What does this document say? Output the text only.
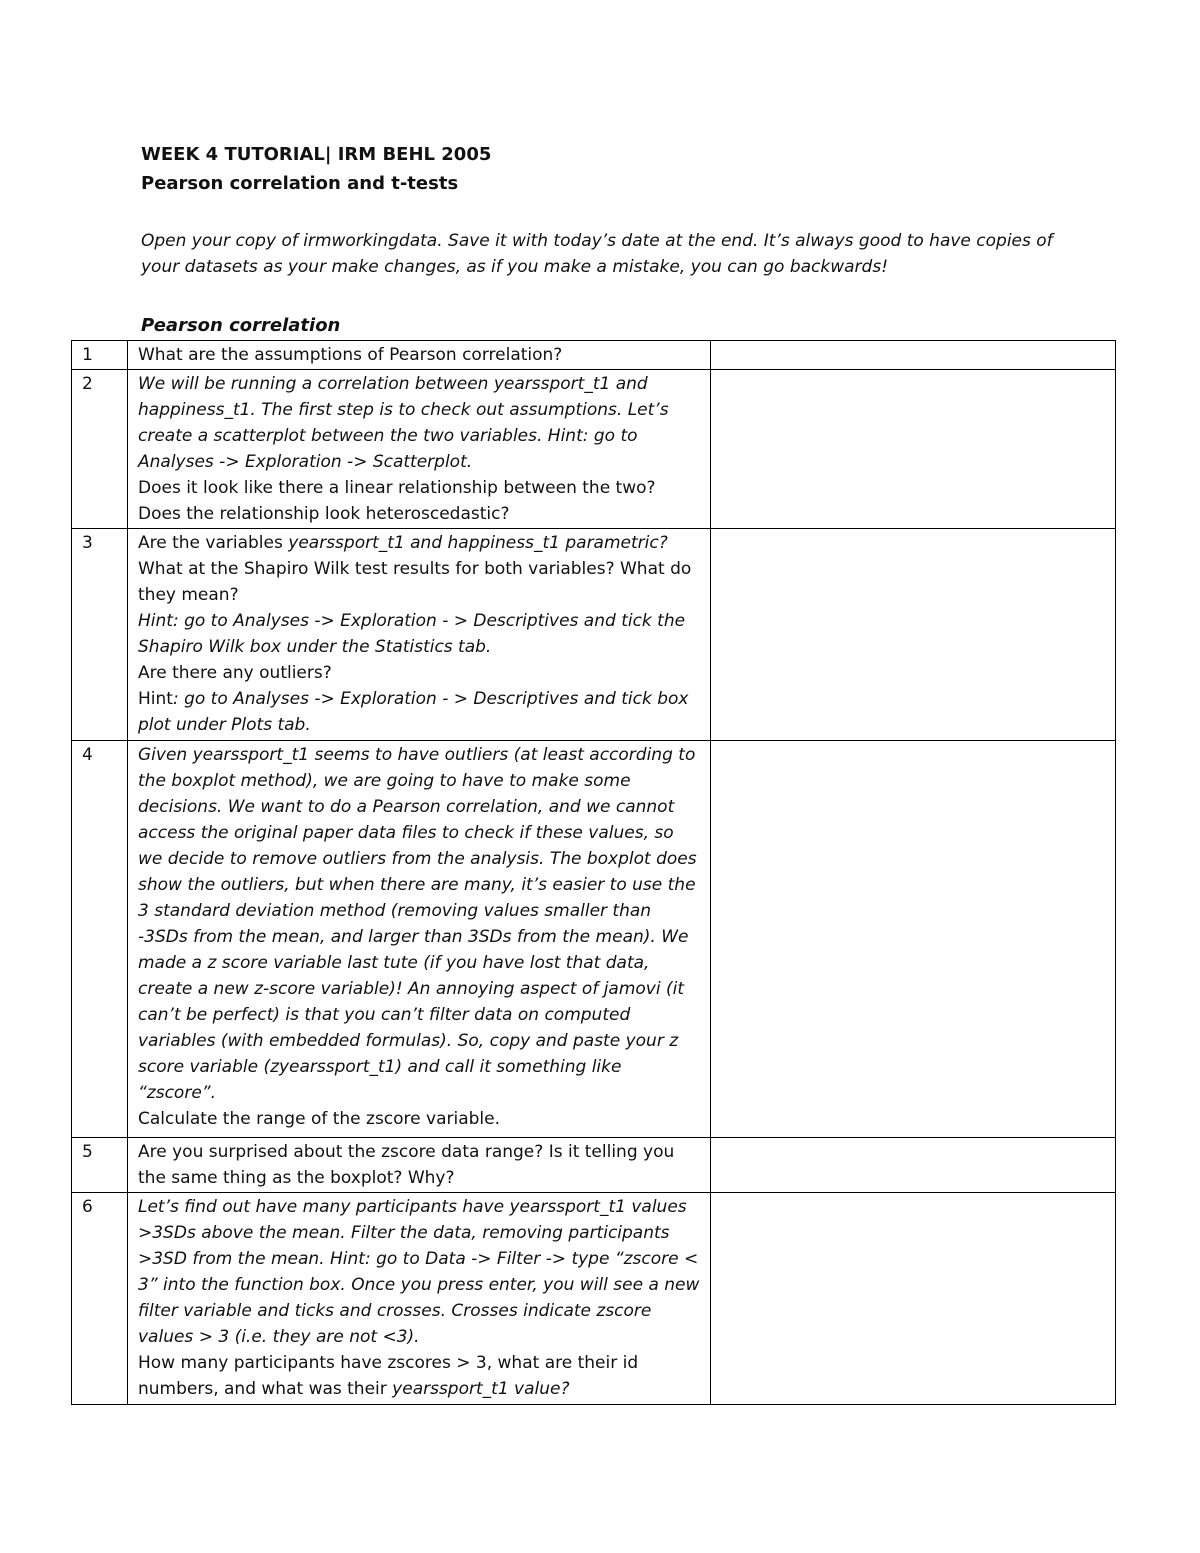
WEEK 4 TUTORIAL| IRM BEHL 2005
Pearson correlation and t-tests
Open your copy of irmworkingdata. Save it with today’s date at the end. It’s always good to have copies of your datasets as your make changes, as if you make a mistake, you can go backwards!
Pearson correlation
1	What are the assumptions of Pearson correlation?	
2	We will be running a correlation between yearssport_t1 and happiness_t1. The first step is to check out assumptions. Let’s create a scatterplot between the two variables. Hint: go to Analyses -> Exploration -> Scatterplot.
Does it look like there a linear relationship between the two?
Does the relationship look heteroscedastic?	

3	Are the variables yearssport_t1 and happiness_t1 parametric?
What at the Shapiro Wilk test results for both variables? What do they mean?
Hint: go to Analyses -> Exploration - > Descriptives and tick the Shapiro Wilk box under the Statistics tab.
Are there any outliers?
Hint: go to Analyses -> Exploration - > Descriptives and tick box plot under Plots tab.	

4	Given yearssport_t1 seems to have outliers (at least according to the boxplot method), we are going to have to make some decisions. We want to do a Pearson correlation, and we cannot access the original paper data files to check if these values, so we decide to remove outliers from the analysis. The boxplot does show the outliers, but when there are many, it’s easier to use the 3 standard deviation method (removing values smaller than -3SDs from the mean, and larger than 3SDs from the mean). We made a z score variable last tute (if you have lost that data, create a new z-score variable)! An annoying aspect of jamovi (it can’t be perfect) is that you can’t filter data on computed variables (with embedded formulas). So, copy and paste your z score variable (zyearssport_t1) and call it something like “zscore”.
Calculate the range of the zscore variable.	

5	Are you surprised about the zscore data range? Is it telling you the same thing as the boxplot? Why?	
6	Let’s find out have many participants have yearssport_t1 values >3SDs above the mean. Filter the data, removing participants >3SD from the mean. Hint: go to Data -> Filter -> type “zscore < 3” into the function box. Once you press enter, you will see a new filter variable and ticks and crosses. Crosses indicate zscore values > 3 (i.e. they are not <3).
How many participants have zscores > 3, what are their id numbers, and what was their yearssport_t1 value?	
